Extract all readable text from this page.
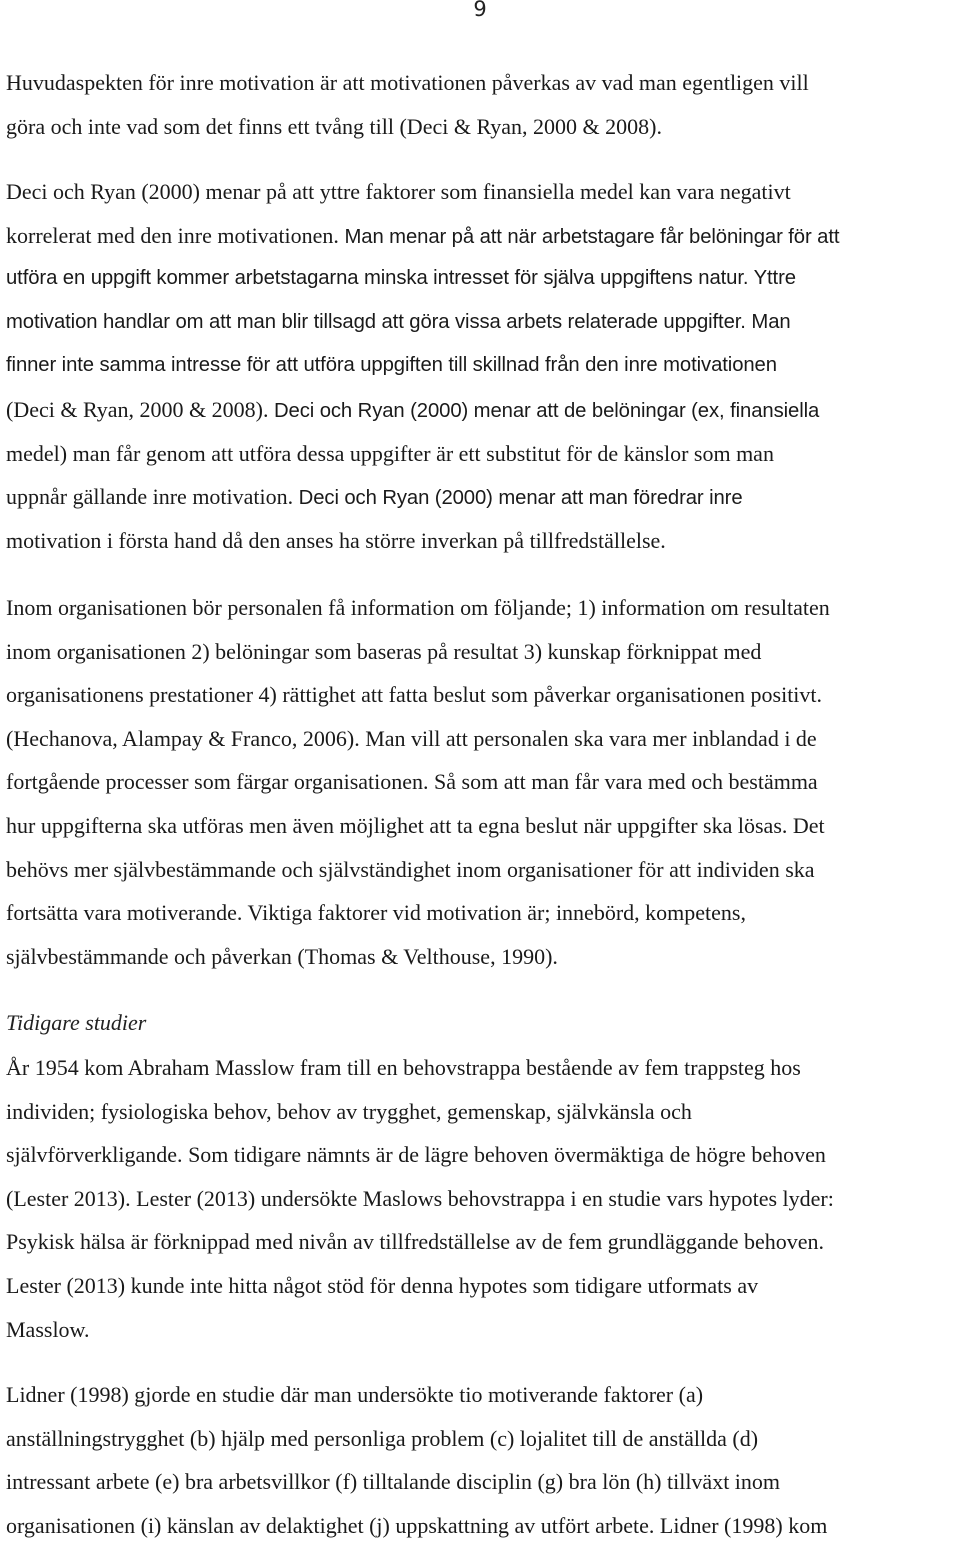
9
Huvudaspekten för inre motivation är att motivationen påverkas av vad man egentligen vill
göra och inte vad som det finns ett tvång till (Deci & Ryan, 2000 & 2008).
Deci och Ryan (2000) menar på att yttre faktorer som finansiella medel kan vara negativt
korrelerat med den inre motivationen. Man menar på att när arbetstagare får belöningar för att
utföra en uppgift kommer arbetstagarna minska intresset för själva uppgiftens natur. Yttre
motivation handlar om att man blir tillsagd att göra vissa arbets relaterade uppgifter. Man
finner inte samma intresse för att utföra uppgiften till skillnad från den inre motivationen
(Deci & Ryan, 2000 & 2008). Deci och Ryan (2000) menar att de belöningar (ex, finansiella
medel) man får genom att utföra dessa uppgifter är ett substitut för de känslor som man
uppnår gällande inre motivation. Deci och Ryan (2000) menar att man föredrar inre
motivation i första hand då den anses ha större inverkan på tillfredställelse.
Inom organisationen bör personalen få information om följande; 1) information om resultaten
inom organisationen 2) belöningar som baseras på resultat 3) kunskap förknippat med
organisationens prestationer 4) rättighet att fatta beslut som påverkar organisationen positivt.
(Hechanova, Alampay & Franco, 2006). Man vill att personalen ska vara mer inblandad i de
fortgående processer som färgar organisationen. Så som att man får vara med och bestämma
hur uppgifterna ska utföras men även möjlighet att ta egna beslut när uppgifter ska lösas. Det
behövs mer självbestämmande och självständighet inom organisationer för att individen ska
fortsätta vara motiverande. Viktiga faktorer vid motivation är; innebörd, kompetens,
självbestämmande och påverkan (Thomas & Velthouse, 1990).
Tidigare studier
År 1954 kom Abraham Masslow fram till en behovstrappa bestående av fem trappsteg hos
individen; fysiologiska behov, behov av trygghet, gemenskap, självkänsla och
självförverkligande. Som tidigare nämnts är de lägre behoven övermäktiga de högre behoven
(Lester 2013). Lester (2013) undersökte Maslows behovstrappa i en studie vars hypotes lyder:
Psykisk hälsa är förknippad med nivån av tillfredställelse av de fem grundläggande behoven.
Lester (2013) kunde inte hitta något stöd för denna hypotes som tidigare utformats av
Masslow.
Lidner (1998) gjorde en studie där man undersökte tio motiverande faktorer (a)
anställningstrygghet (b) hjälp med personliga problem (c) lojalitet till de anställda (d)
intressant arbete (e) bra arbetsvillkor (f) tilltalande disciplin (g) bra lön (h) tillväxt inom
organisationen (i) känslan av delaktighet (j) uppskattning av utfört arbete. Lidner (1998) kom
